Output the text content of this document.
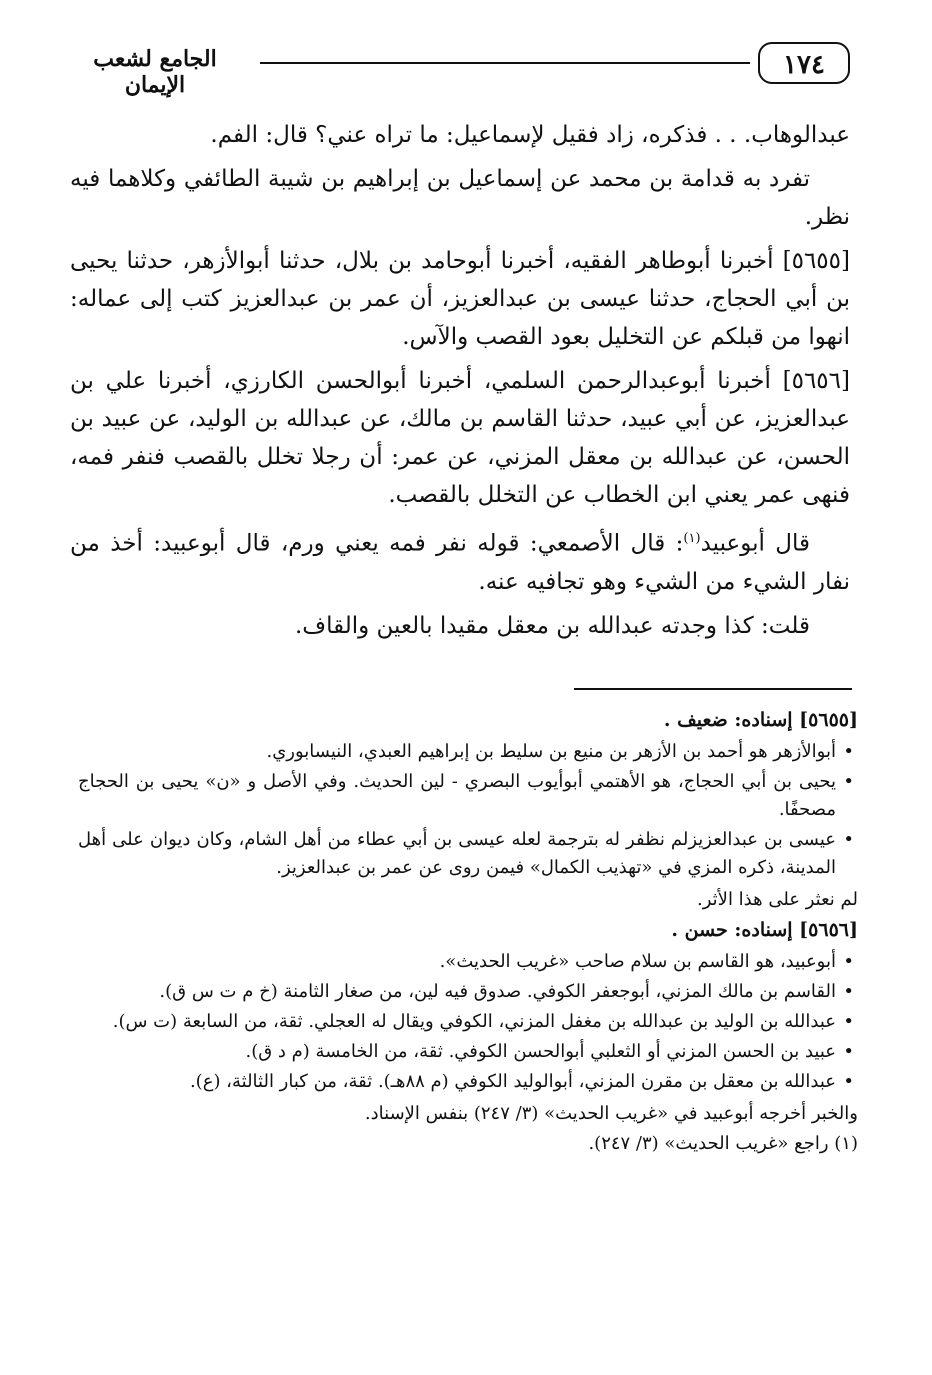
١٧٤
الجامع لشعب الإيمان

عبدالوهاب. . . فذكره، زاد فقيل لإسماعيل: ما تراه عني؟ قال: الفم.

تفرد به قدامة بن محمد عن إسماعيل بن إبراهيم بن شيبة الطائفي وكلاهما فيه نظر.

[٥٦٥٥] أخبرنا أبوطاهر الفقيه، أخبرنا أبوحامد بن بلال، حدثنا أبوالأزهر، حدثنا يحيى بن أبي الحجاج، حدثنا عيسى بن عبدالعزيز، أن عمر بن عبدالعزيز كتب إلى عماله: انهوا من قبلكم عن التخليل بعود القصب والآس.

[٥٦٥٦] أخبرنا أبوعبدالرحمن السلمي، أخبرنا أبوالحسن الكارزي، أخبرنا علي بن عبدالعزيز، عن أبي عبيد، حدثنا القاسم بن مالك، عن عبدالله بن الوليد، عن عبيد بن الحسن، عن عبدالله بن معقل المزني، عن عمر: أن رجلا تخلل بالقصب فنفر فمه، فنهى عمر يعني ابن الخطاب عن التخلل بالقصب.

قال أبوعبيد$^{(١)}$: قال الأصمعي: قوله نفر فمه يعني ورم، قال أبوعبيد: أخذ من نفار الشيء من الشيء وهو تجافيه عنه.

قلت: كذا وجدته عبدالله بن معقل مقيدا بالعين والقاف.

[٥٦٥٥] إسناده: ضعيف .
• أبوالأزهر هو أحمد بن الأزهر بن منيع بن سليط بن إبراهيم العبدي، النيسابوري.
• يحيى بن أبي الحجاج، هو الأهتمي أبوأيوب البصري - لين الحديث. وفي الأصل و «ن» يحيى بن الحجاج مصحفًا.
• عيسى بن عبدالعزيزلم نظفر له بترجمة لعله عيسى بن أبي عطاء من أهل الشام، وكان ديوان على أهل المدينة، ذكره المزي في «تهذيب الكمال» فيمن روى عن عمر بن عبدالعزيز.
لم نعثر على هذا الأثر.
[٥٦٥٦] إسناده: حسن .
• أبوعبيد، هو القاسم بن سلام صاحب «غريب الحديث».
• القاسم بن مالك المزني، أبوجعفر الكوفي. صدوق فيه لين، من صغار الثامنة (خ م ت س ق).
• عبدالله بن الوليد بن عبدالله بن مغفل المزني، الكوفي ويقال له العجلي. ثقة، من السابعة (ت س).
• عبيد بن الحسن المزني أو الثعلبي أبوالحسن الكوفي. ثقة، من الخامسة (م د ق).
• عبدالله بن معقل بن مقرن المزني، أبوالوليد الكوفي (م ٨٨هـ). ثقة، من كبار الثالثة، (ع).
والخبر أخرجه أبوعبيد في «غريب الحديث» (٣/ ٢٤٧) بنفس الإسناد.
(١) راجع «غريب الحديث» (٣/ ٢٤٧).
